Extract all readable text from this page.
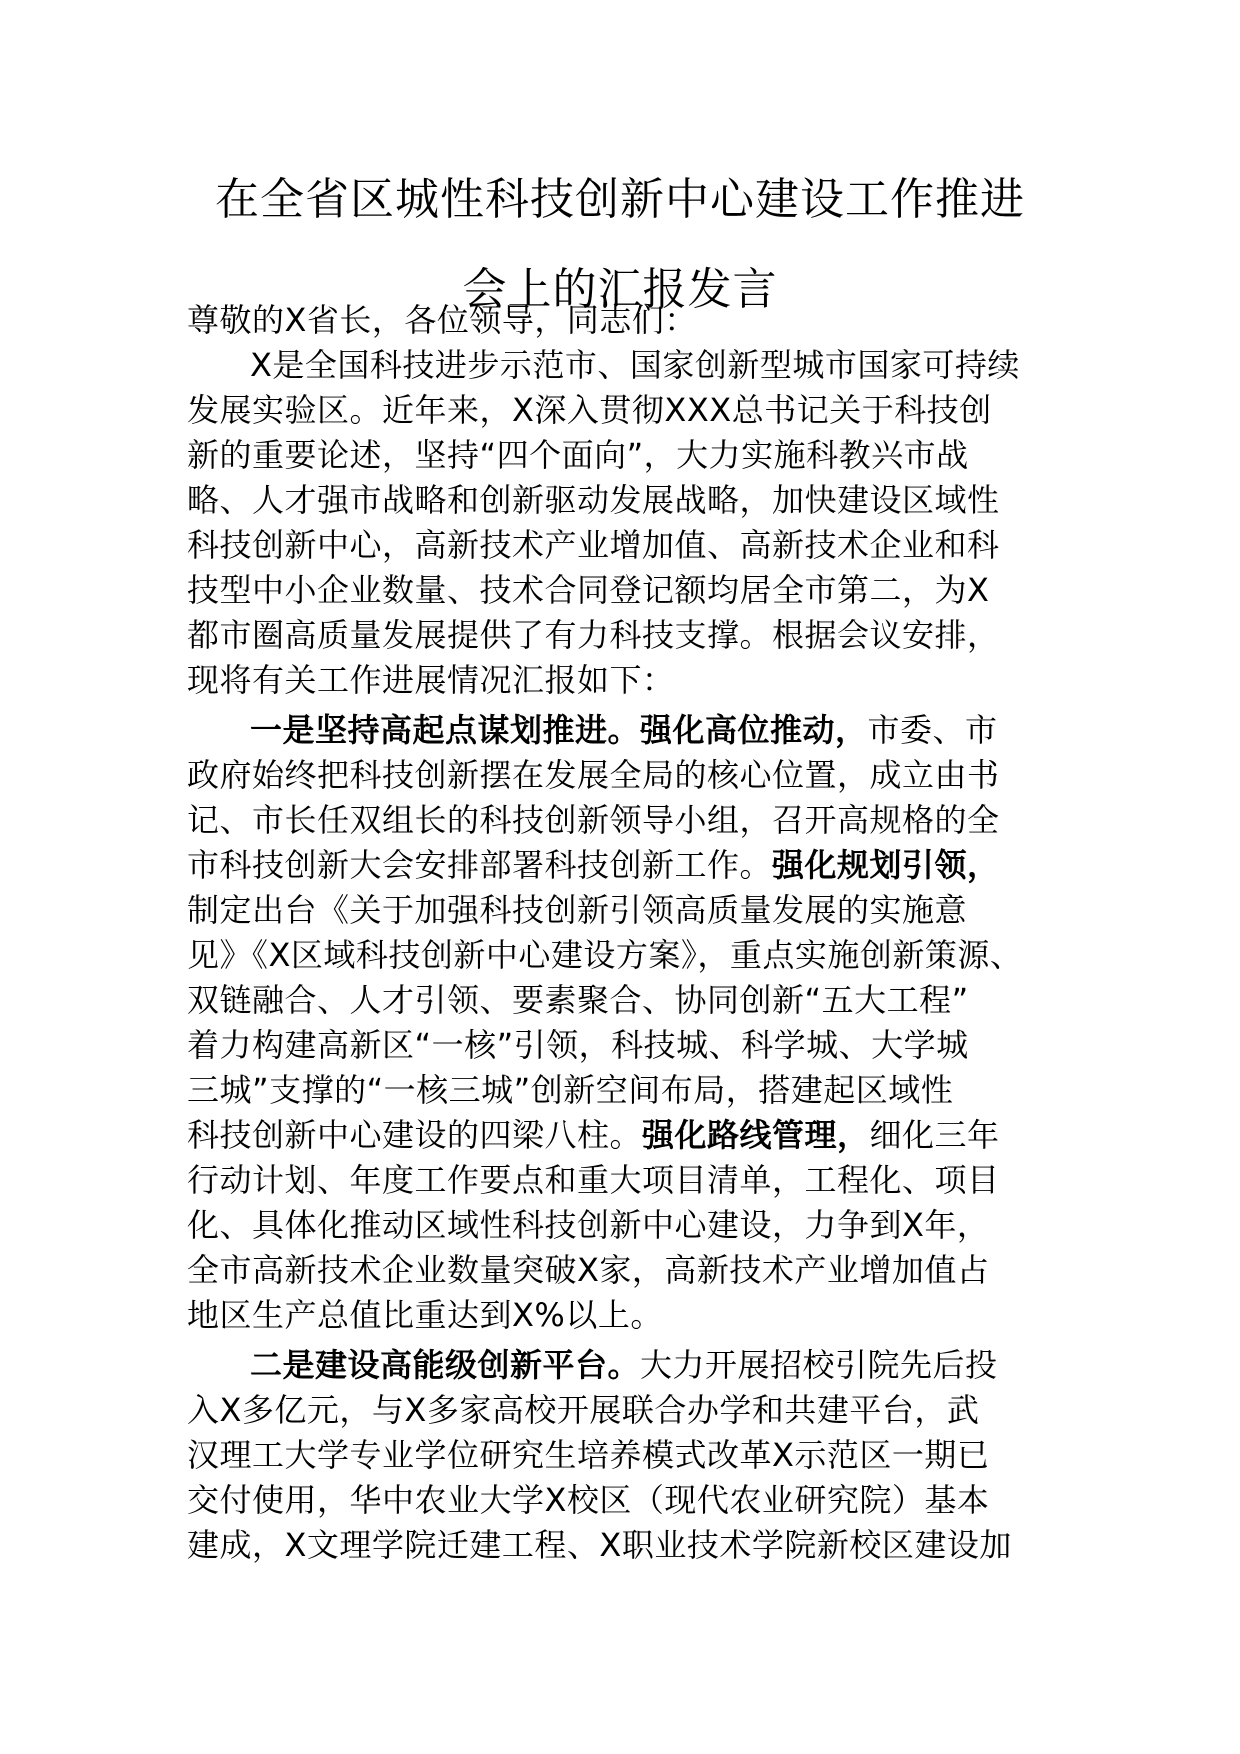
在全省区城性科技创新中心建设工作推进
会上的汇报发言
尊敬的X省长，各位领导，同志们：
X是全国科技进步示范市、国家创新型城市国家可持续
发展实验区。近年来，X深入贯彻XXX总书记关于科技创
新的重要论述，坚持“四个面向”，大力实施科教兴市战
略、人才强市战略和创新驱动发展战略，加快建设区域性
科技创新中心，高新技术产业增加值、高新技术企业和科
技型中小企业数量、技术合同登记额均居全市第二，为X
都市圈高质量发展提供了有力科技支撑。根据会议安排，
现将有关工作进展情况汇报如下：
一是坚持高起点谋划推进。强化高位推动，市委、市
政府始终把科技创新摆在发展全局的核心位置，成立由书
记、市长任双组长的科技创新领导小组，召开高规格的全
市科技创新大会安排部署科技创新工作。强化规划引领，
制定出台《关于加强科技创新引领高质量发展的实施意
见》《X区域科技创新中心建设方案》，重点实施创新策源、
双链融合、人才引领、要素聚合、协同创新“五大工程”
着力构建高新区“一核”引领，科技城、科学城、大学城
三城”支撑的“一核三城”创新空间布局，搭建起区域性
科技创新中心建设的四梁八柱。强化路线管理，细化三年
行动计划、年度工作要点和重大项目清单，工程化、项目
化、具体化推动区域性科技创新中心建设，力争到X年，
全市高新技术企业数量突破X家，高新技术产业增加值占
地区生产总值比重达到X%以上。
二是建设高能级创新平台。大力开展招校引院先后投
入X多亿元，与X多家高校开展联合办学和共建平台，武
汉理工大学专业学位研究生培养模式改革X示范区一期已
交付使用，华中农业大学X校区（现代农业研究院）基本
建成，X文理学院迁建工程、X职业技术学院新校区建设加
